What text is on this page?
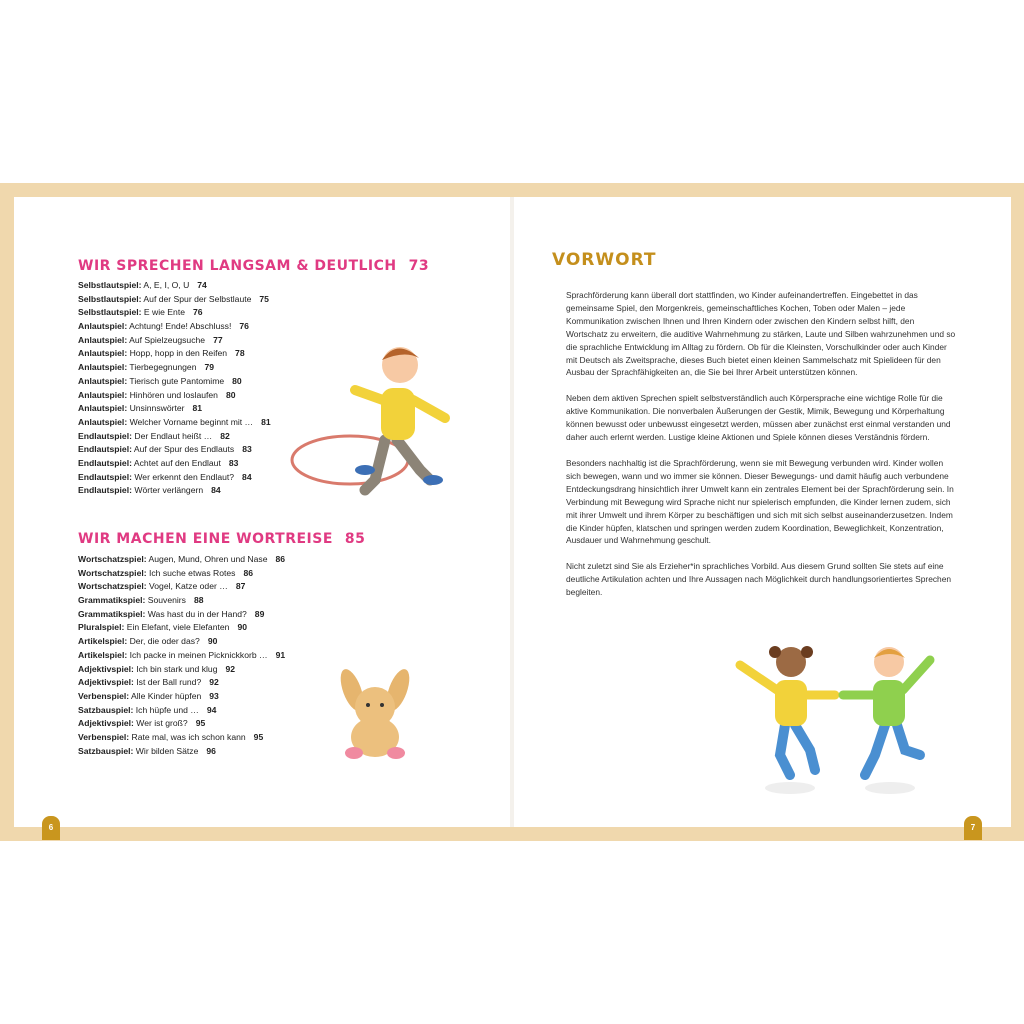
WIR SPRECHEN LANGSAM & DEUTLICH 73
Selbstlautspiel: A, E, I, O, U 74
Selbstlautspiel: Auf der Spur der Selbstlaute 75
Selbstlautspiel: E wie Ente 76
Anlautspiel: Achtung! Ende! Abschluss! 76
Anlautspiel: Auf Spielzeugsuche 77
Anlautspiel: Hopp, hopp in den Reifen 78
Anlautspiel: Tierbegegnungen 79
Anlautspiel: Tierisch gute Pantomime 80
Anlautspiel: Hinhören und loslaufen 80
Anlautspiel: Unsinnswörter 81
Anlautspiel: Welcher Vorname beginnt mit … 81
Endlautspiel: Der Endlaut heißt … 82
Endlautspiel: Auf der Spur des Endlauts 83
Endlautspiel: Achtet auf den Endlaut 83
Endlautspiel: Wer erkennt den Endlaut? 84
Endlautspiel: Wörter verlängern 84
WIR MACHEN EINE WORTREISE 85
Wortschatzspiel: Augen, Mund, Ohren und Nase 86
Wortschatzspiel: Ich suche etwas Rotes 86
Wortschatzspiel: Vogel, Katze oder … 87
Grammatikspiel: Souvenirs 88
Grammatikspiel: Was hast du in der Hand? 89
Pluralspiel: Ein Elefant, viele Elefanten 90
Artikelspiel: Der, die oder das? 90
Artikelspiel: Ich packe in meinen Picknickkorb … 91
Adjektivspiel: Ich bin stark und klug 92
Adjektivspiel: Ist der Ball rund? 92
Verbenspiel: Alle Kinder hüpfen 93
Satzbauspiel: Ich hüpfe und … 94
Adjektivspiel: Wer ist groß? 95
Verbenspiel: Rate mal, was ich schon kann 95
Satzbauspiel: Wir bilden Sätze 96
VORWORT

Sprachförderung kann überall dort stattfinden, wo Kinder aufeinandertreffen. Eingebettet in das gemeinsame Spiel, den Morgenkreis, gemeinschaftliches Kochen, Toben oder Malen – jede Kommunikation zwischen Ihnen und Ihren Kindern oder zwischen den Kindern selbst hilft, den Wortschatz zu erweitern, die auditive Wahrnehmung zu stärken, Laute und Silben wahrzunehmen und so die sprachliche Entwicklung im Alltag zu fördern. Ob für die Kleinsten, Vorschulkinder oder auch Kinder mit Deutsch als Zweitsprache, dieses Buch bietet einen kleinen Sammelschatz mit Spielideen für den Ausbau der Sprachfähigkeiten an, die Sie bei Ihrer Arbeit unterstützen können.

Neben dem aktiven Sprechen spielt selbstverständlich auch Körpersprache eine wichtige Rolle für die aktive Kommunikation. Die nonverbalen Äußerungen der Gestik, Mimik, Bewegung und Körperhaltung können bewusst oder unbewusst eingesetzt werden, müssen aber zunächst erst einmal verstanden und daher auch erlernt werden. Lustige kleine Aktionen und Spiele können dieses Verständnis fördern.

Besonders nachhaltig ist die Sprachförderung, wenn sie mit Bewegung verbunden wird. Kinder wollen sich bewegen, wann und wo immer sie können. Dieser Bewegungs- und damit häufig auch verbundene Entdeckungsdrang hinsichtlich ihrer Umwelt kann ein zentrales Element bei der Sprachförderung sein. In Verbindung mit Bewegung wird Sprache nicht nur spielerisch empfunden, die Kinder lernen zudem, sich mit ihrer Umwelt und ihrem Körper zu beschäftigen und sich mit sich selbst auseinanderzusetzen. Indem die Kinder hüpfen, klatschen und springen werden zudem Koordination, Beweglichkeit, Konzentration, Ausdauer und Wahrnehmung geschult.

Nicht zuletzt sind Sie als Erzieher*in sprachliches Vorbild. Aus diesem Grund sollten Sie stets auf eine deutliche Artikulation achten und Ihre Aussagen nach Möglichkeit durch handlungsorientiertes Sprechen begleiten.

6	7
